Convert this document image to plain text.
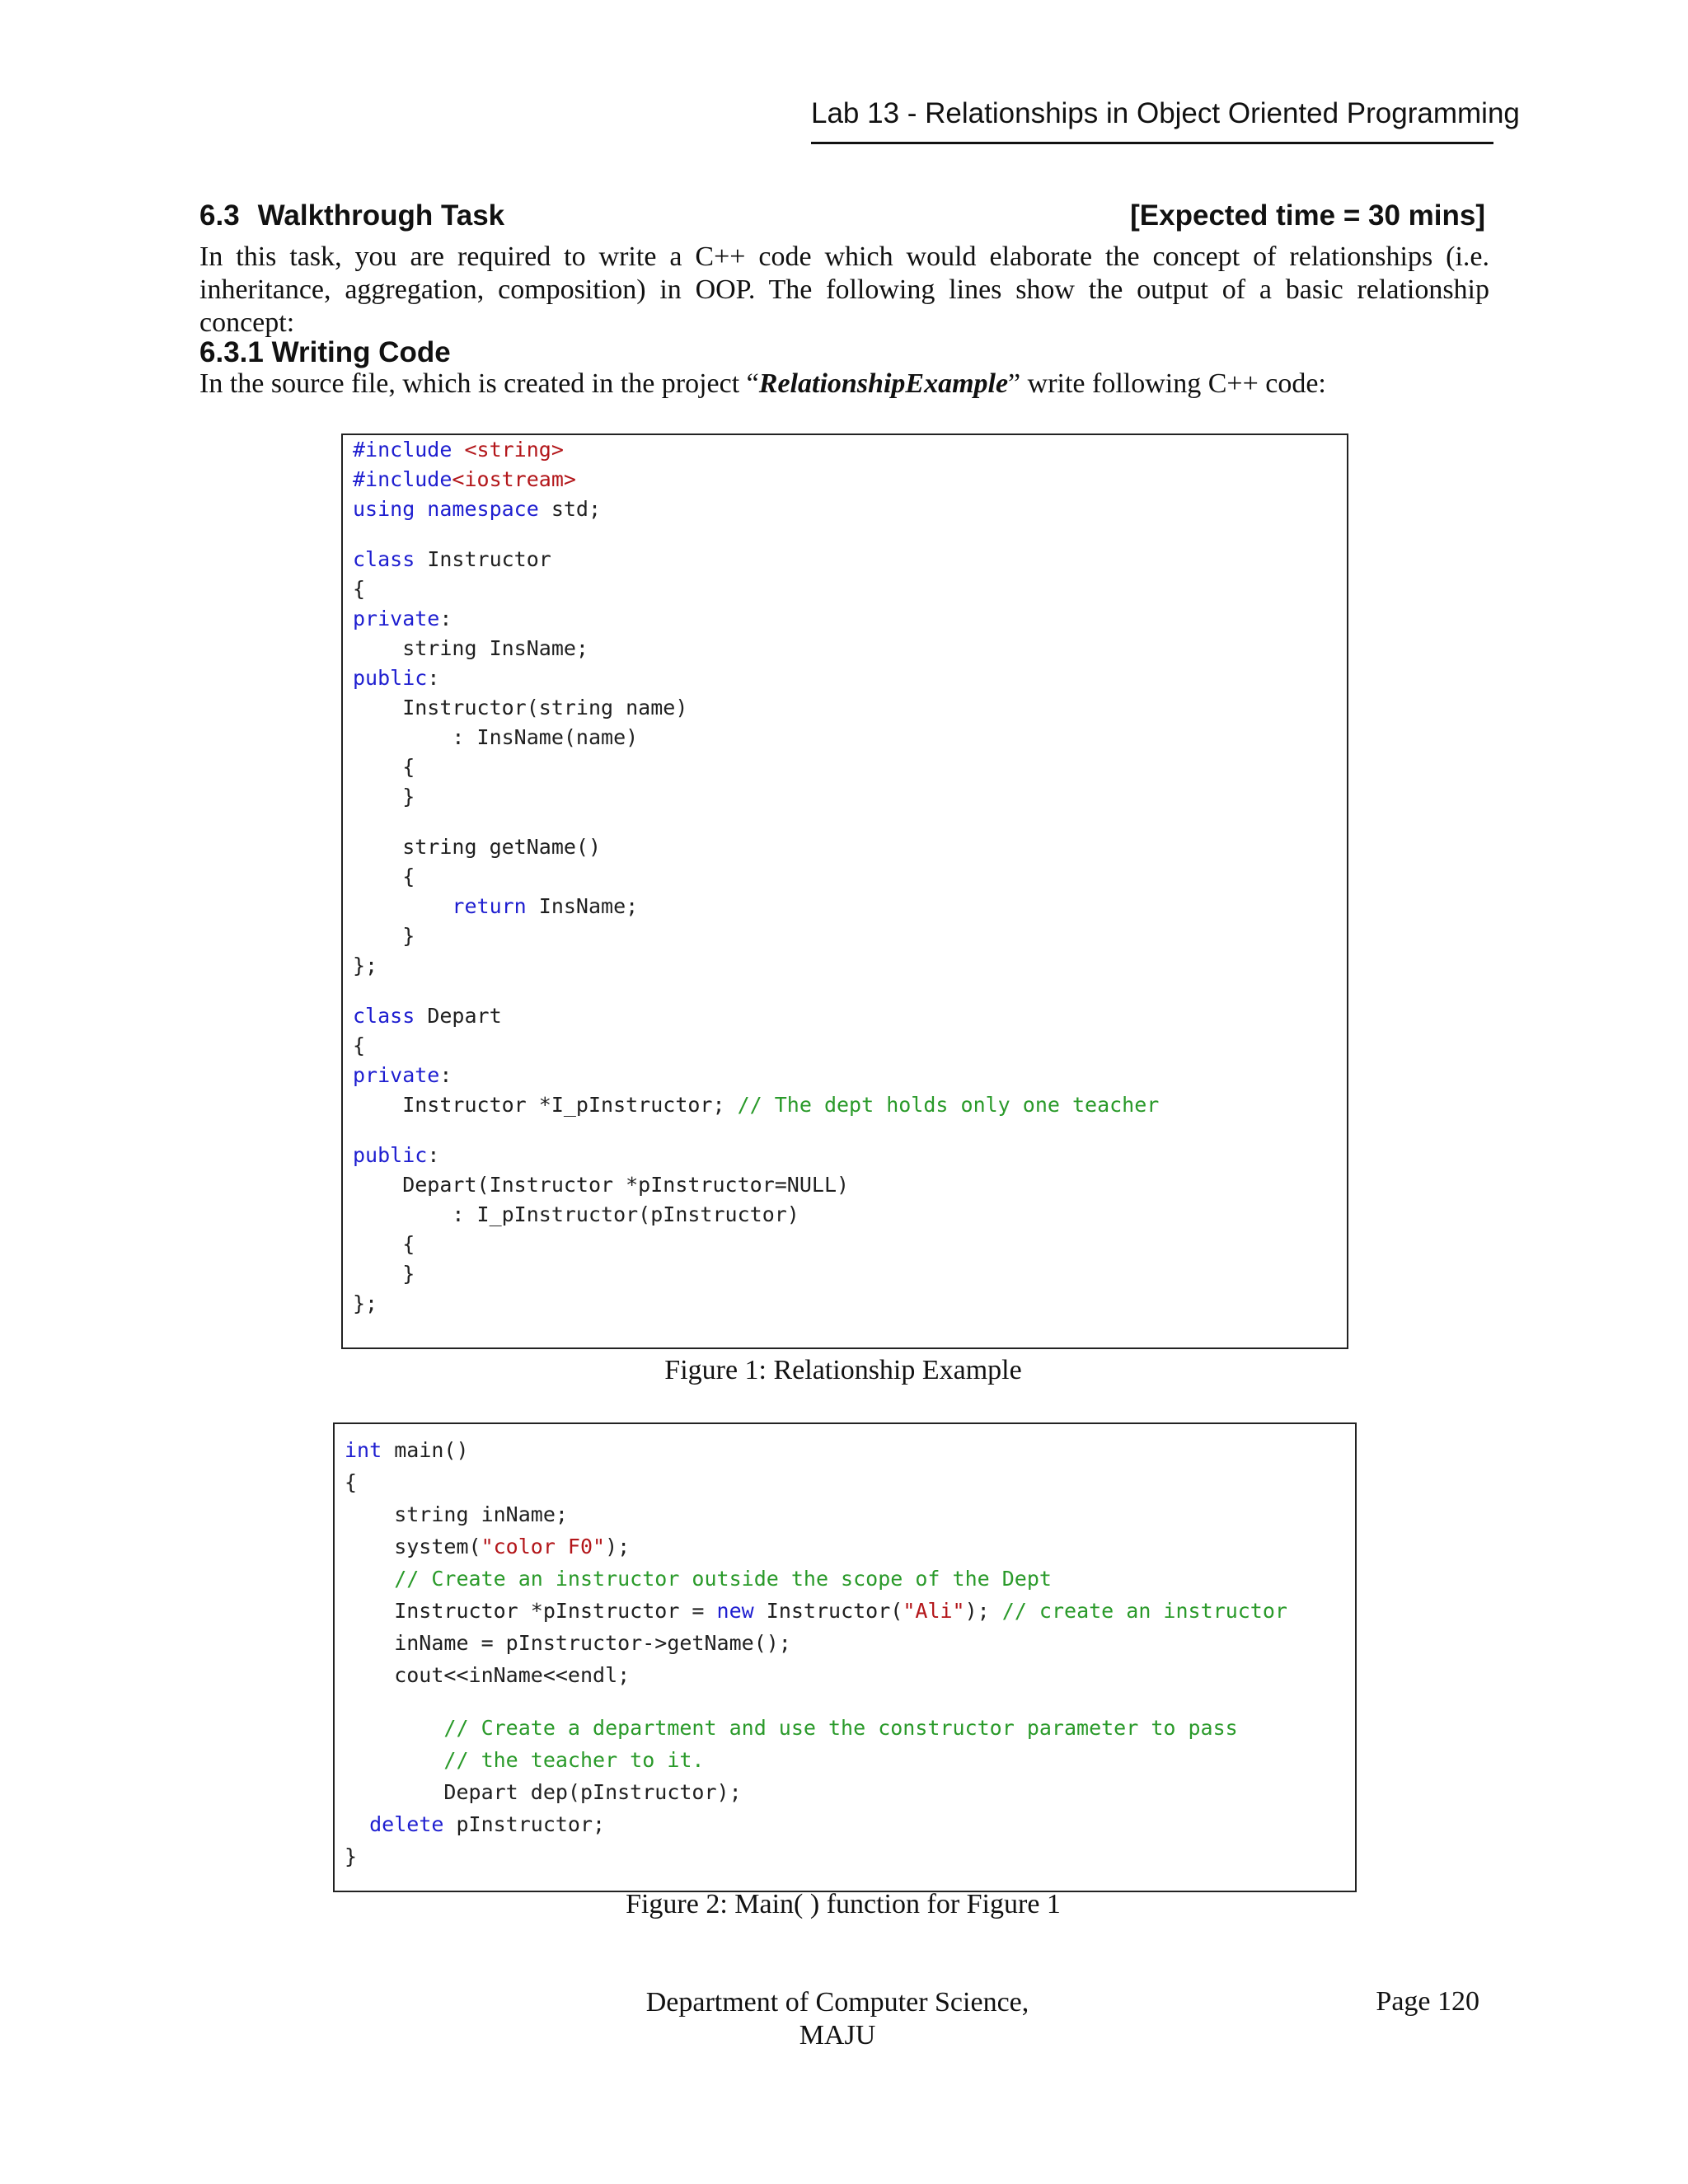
Lab 13 - Relationships in Object Oriented Programming
6.3 Walkthrough Task	[Expected time = 30 mins]
In this task, you are required to write a C++ code which would elaborate the concept of relationships (i.e. inheritance, aggregation, composition) in OOP. The following lines show the output of a basic relationship concept:
6.3.1 Writing Code
In the source file, which is created in the project “RelationshipExample” write following C++ code:
#include <string>
#include<iostream>
using namespace std;
class Instructor
{
private:
string InsName;
public:
Instructor(string name)
: InsName(name)
{
}
string getName()
{
return InsName;
}
};
class Depart
{
private:
Instructor *I_pInstructor; // The dept holds only one teacher
public:
Depart(Instructor *pInstructor=NULL)
: I_pInstructor(pInstructor)
{
}
};
Figure 1: Relationship Example
int main()
{
string inName;
system("color F0");
// Create an instructor outside the scope of the Dept
Instructor *pInstructor = new Instructor("Ali"); // create an instructor
inName = pInstructor->getName();
cout<<inName<<endl;
// Create a department and use the constructor parameter to pass
// the teacher to it.
Depart dep(pInstructor);
delete pInstructor;
}
Figure 2: Main( ) function for Figure 1
Department of Computer Science,
MAJU
Page 120
